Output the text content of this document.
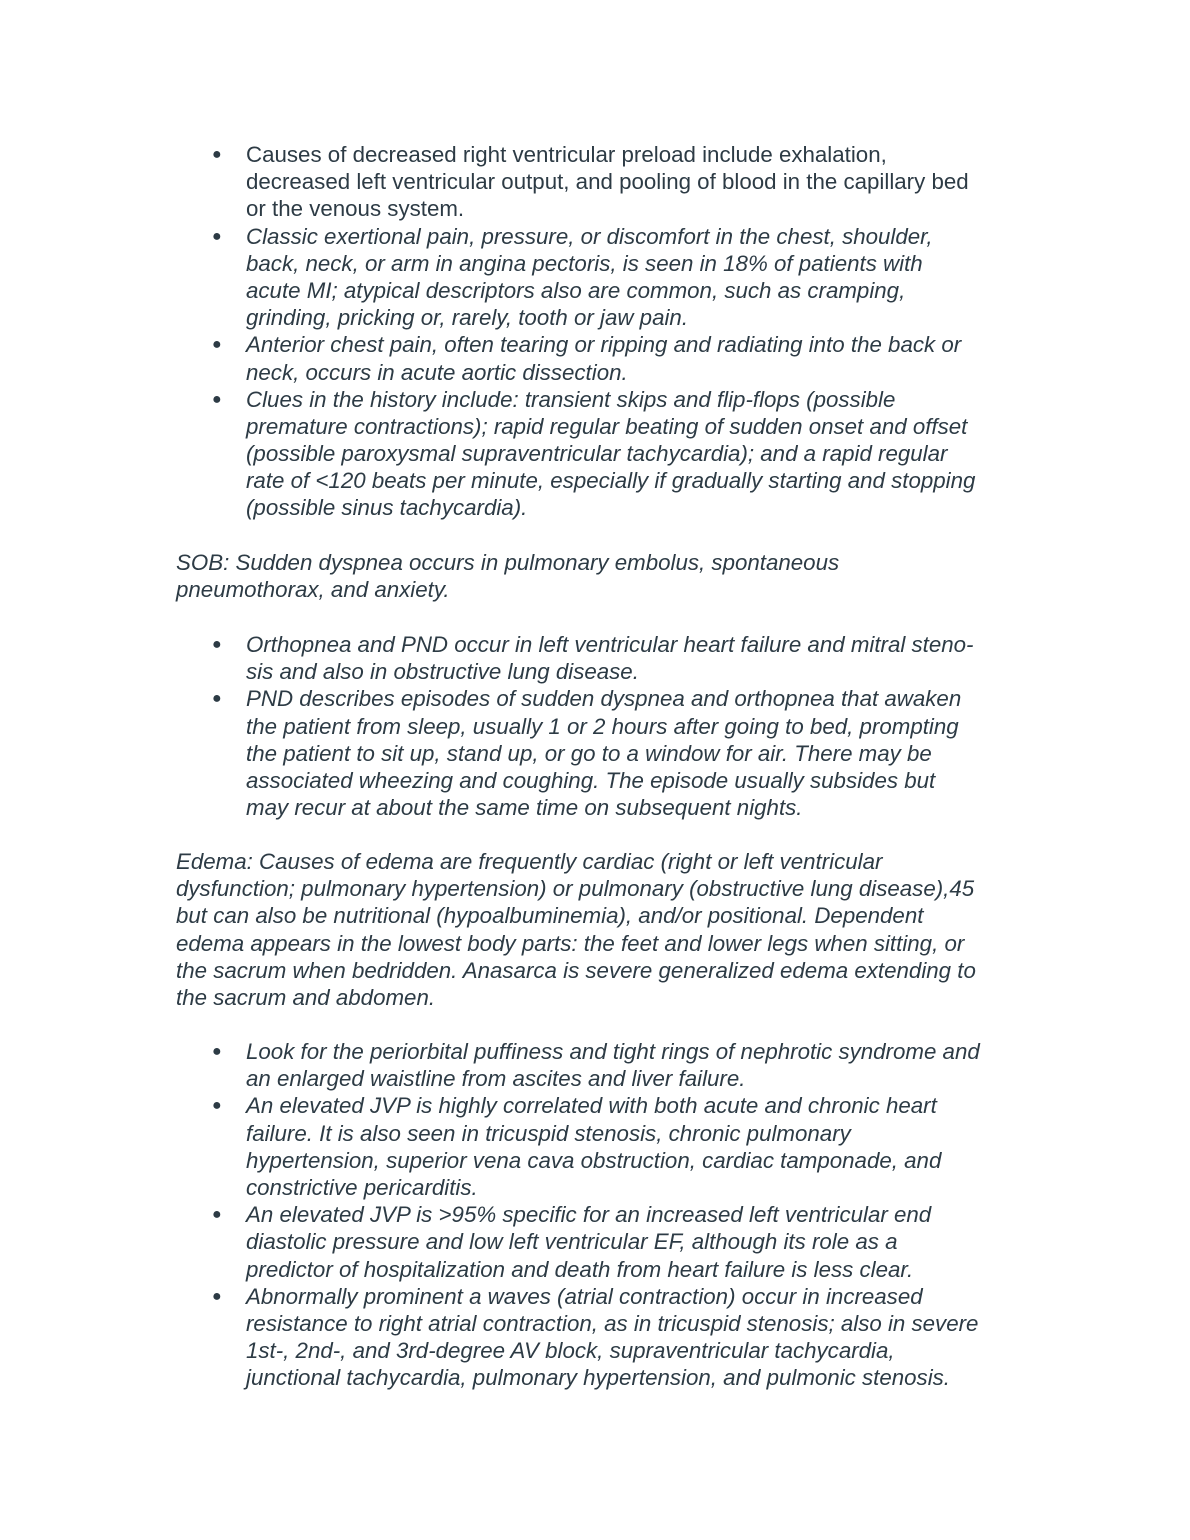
●	Causes of decreased right ventricular preload include exhalation,
decreased left ventricular output, and pooling of blood in the capillary bed
or the venous system.
●	Classic exertional pain, pressure, or discomfort in the chest, shoulder,
back, neck, or arm in angina pectoris, is seen in 18% of patients with
acute MI; atypical descriptors also are common, such as cramping,
grinding, pricking or, rarely, tooth or jaw pain.
●	Anterior chest pain, often tearing or ripping and radiating into the back or
neck, occurs in acute aortic dissection.
●	Clues in the history include: transient skips and flip-flops (possible
premature contractions); rapid regular beating of sudden onset and offset
(possible paroxysmal supraventricular tachycardia); and a rapid regular
rate of <120 beats per minute, especially if gradually starting and stopping
(possible sinus tachycardia).
SOB: Sudden dyspnea occurs in pulmonary embolus, spontaneous
pneumothorax, and anxiety.
●	Orthopnea and PND occur in left ventricular heart failure and mitral steno-
sis and also in obstructive lung disease.
●	PND describes episodes of sudden dyspnea and orthopnea that awaken
the patient from sleep, usually 1 or 2 hours after going to bed, prompting
the patient to sit up, stand up, or go to a window for air. There may be
associated wheezing and coughing. The episode usually subsides but
may recur at about the same time on subsequent nights.
Edema: Causes of edema are frequently cardiac (right or left ventricular
dysfunction; pulmonary hypertension) or pulmonary (obstructive lung disease),45
but can also be nutritional (hypoalbuminemia), and/or positional. Dependent
edema appears in the lowest body parts: the feet and lower legs when sitting, or
the sacrum when bedridden. Anasarca is severe generalized edema extending to
the sacrum and abdomen.
●	Look for the periorbital puffiness and tight rings of nephrotic syndrome and
an enlarged waistline from ascites and liver failure.
●	An elevated JVP is highly correlated with both acute and chronic heart
failure. It is also seen in tricuspid stenosis, chronic pulmonary
hypertension, superior vena cava obstruction, cardiac tamponade, and
constrictive pericarditis.
●	An elevated JVP is >95% specific for an increased left ventricular end
diastolic pressure and low left ventricular EF, although its role as a
predictor of hospitalization and death from heart failure is less clear.
●	Abnormally prominent a waves (atrial contraction) occur in increased
resistance to right atrial contraction, as in tricuspid stenosis; also in severe
1st-, 2nd-, and 3rd-degree AV block, supraventricular tachycardia,
junctional tachycardia, pulmonary hypertension, and pulmonic stenosis.
